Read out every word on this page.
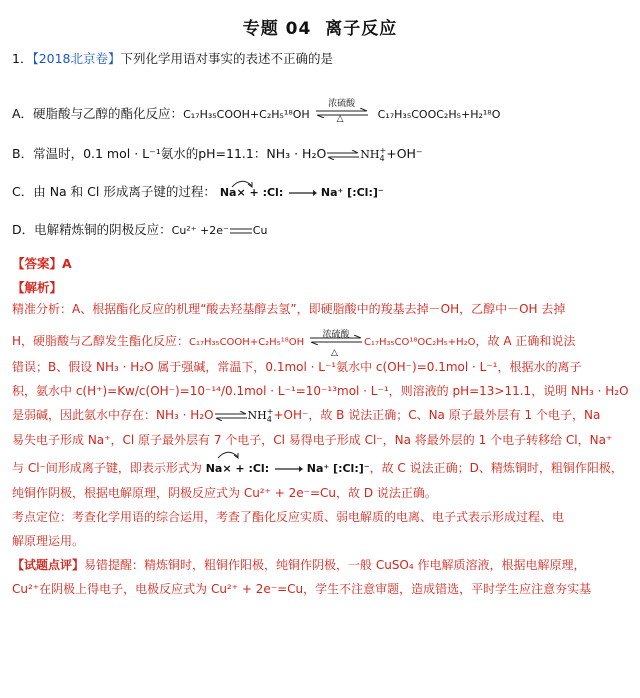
专题 04 离子反应
1．【2018北京卷】下列化学用语对事实的表述不正确的是
A．硬脂酸与乙醇的酯化反应：C₁₇H₃₅COOH+C₂H₅¹⁸OH
浓硫酸
△	C₁₇H₃₅COOC₂H₅+H₂¹⁸O
B．常温时，0.1 mol · L⁻¹氨水的pH=11.1：NH₃ · H₂O⇌NH +
4 +OH⁻
C．由 Na 和 Cl 形成离子键的过程： Na× + :Cl:	Na⁺ [:Cl:]⁻
D．电解精炼铜的阴极反应：Cu²⁺ +2e⁻ Cu
【答案】A
【解析】
精准分析：A、根据酯化反应的机理“酸去羟基醇去氢”，即硬脂酸中的羧基去掉－OH，乙醇中－OH 去掉
H，硬脂酸与乙醇发生酯化反应：C₁₇H₃₅COOH+C₂H₅¹⁸OH
浓硫酸
△
C₁₇H₃₅CO¹⁸OC₂H₅+H₂O，故 A 正确和说法
错误；B、假设 NH₃ · H₂O 属于强碱，常温下，0.1mol · L⁻¹氨水中 c(OH⁻)=0.1mol · L⁻¹，根据水的离子
积，氨水中 c(H⁺)=Kw/c(OH⁻)=10⁻¹⁴/0.1mol · L⁻¹=10⁻¹³mol · L⁻¹，则溶液的 pH=13>11.1，说明 NH₃ · H₂O
是弱碱，因此氨水中存在：NH₃ · H₂O⇌NH +
4 +OH⁻，故 B 说法正确；C、Na 原子最外层有 1 个电子，Na
易失电子形成 Na⁺，Cl 原子最外层有 7 个电子，Cl 易得电子形成 Cl⁻，Na 将最外层的 1 个电子转移给 Cl，Na⁺
与 Cl⁻间形成离子键，即表示形式为 Na× + :Cl:	Na⁺ [:Cl:]⁻，故 C 说法正确；D、精炼铜时，粗铜作阳极，
纯铜作阴极，根据电解原理，阴极反应式为 Cu²⁺ + 2e⁻=Cu，故 D 说法正确。
考点定位：考查化学用语的综合运用，考查了酯化反应实质、弱电解质的电离、电子式表示形成过程、电
解原理运用。
【试题点评】易错提醒：精炼铜时，粗铜作阳极，纯铜作阴极，一般 CuSO₄ 作电解质溶液，根据电解原理，
Cu²⁺在阴极上得电子，电极反应式为 Cu²⁺ + 2e⁻=Cu，学生不注意审题，造成错选，平时学生应注意夯实基
